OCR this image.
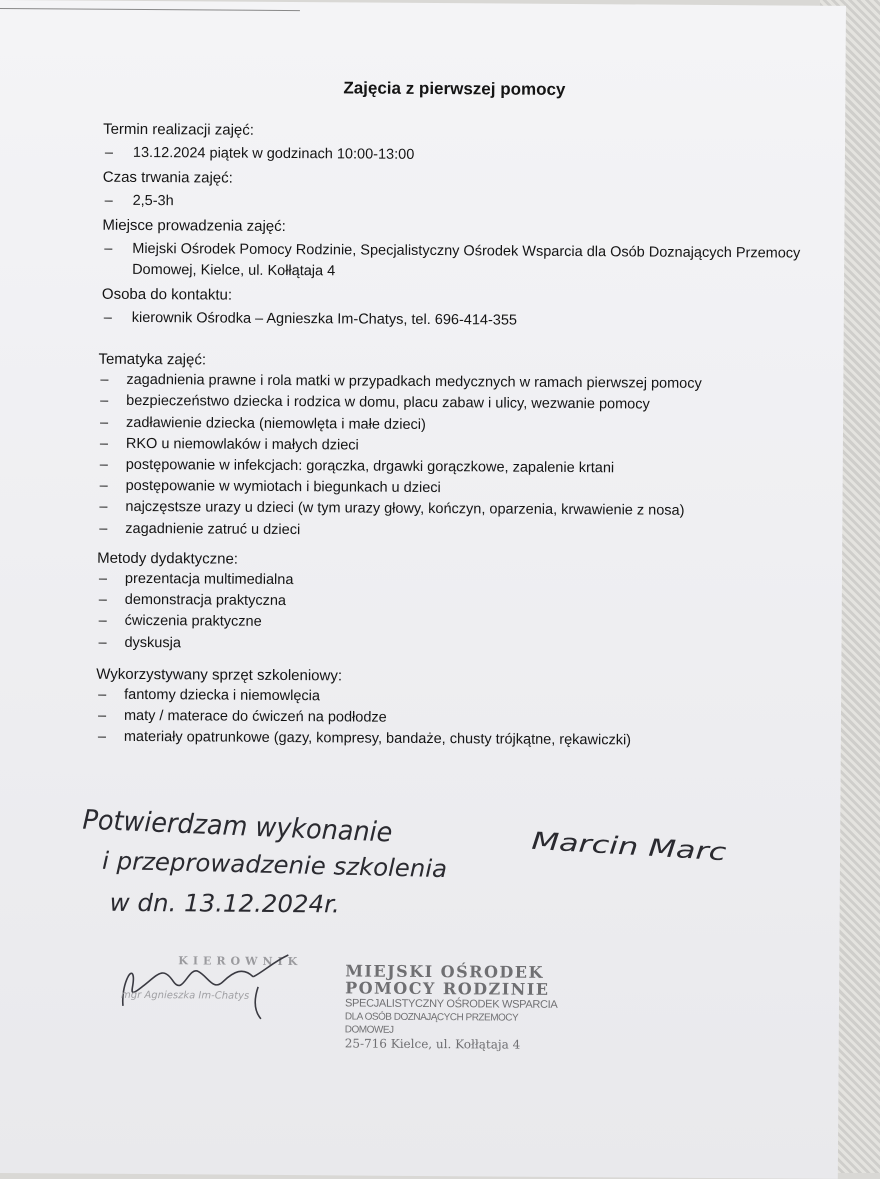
Zajęcia z pierwszej pomocy
Termin realizacji zajęć:
– 13.12.2024 piątek w godzinach 10:00-13:00
Czas trwania zajęć:
– 2,5-3h
Miejsce prowadzenia zajęć:
– Miejski Ośrodek Pomocy Rodzinie, Specjalistyczny Ośrodek Wsparcia dla Osób Doznających Przemocy Domowej, Kielce, ul. Kołłątaja 4
Osoba do kontaktu:
– kierownik Ośrodka – Agnieszka Im-Chatys, tel. 696-414-355
Tematyka zajęć:
– zagadnienia prawne i rola matki w przypadkach medycznych w ramach pierwszej pomocy
– bezpieczeństwo dziecka i rodzica w domu, placu zabaw i ulicy, wezwanie pomocy
– zadławienie dziecka (niemowlęta i małe dzieci)
– RKO u niemowlaków i małych dzieci
– postępowanie w infekcjach: gorączka, drgawki gorączkowe, zapalenie krtani
– postępowanie w wymiotach i biegunkach u dzieci
– najczęstsze urazy u dzieci (w tym urazy głowy, kończyn, oparzenia, krwawienie z nosa)
– zagadnienie zatruć u dzieci
Metody dydaktyczne:
– prezentacja multimedialna
– demonstracja praktyczna
– ćwiczenia praktyczne
– dyskusja
Wykorzystywany sprzęt szkoleniowy:
– fantomy dziecka i niemowlęcia
– maty / materace do ćwiczeń na podłodze
– materiały opatrunkowe (gazy, kompresy, bandaże, chusty trójkątne, rękawiczki)
Potwierdzam wykonanie
i przeprowadzenie szkolenia
w dn. 13.12.2024r.
Marcin Marc
KIEROWNIK
mgr Agnieszka Im-Chatys
MIEJSKI OŚRODEK
POMOCY RODZINIE
SPECJALISTYCZNY OŚRODEK WSPARCIA
DLA OSÓB DOZNAJĄCYCH PRZEMOCY DOMOWEJ
25-716 Kielce, ul. Kołłątaja 4
